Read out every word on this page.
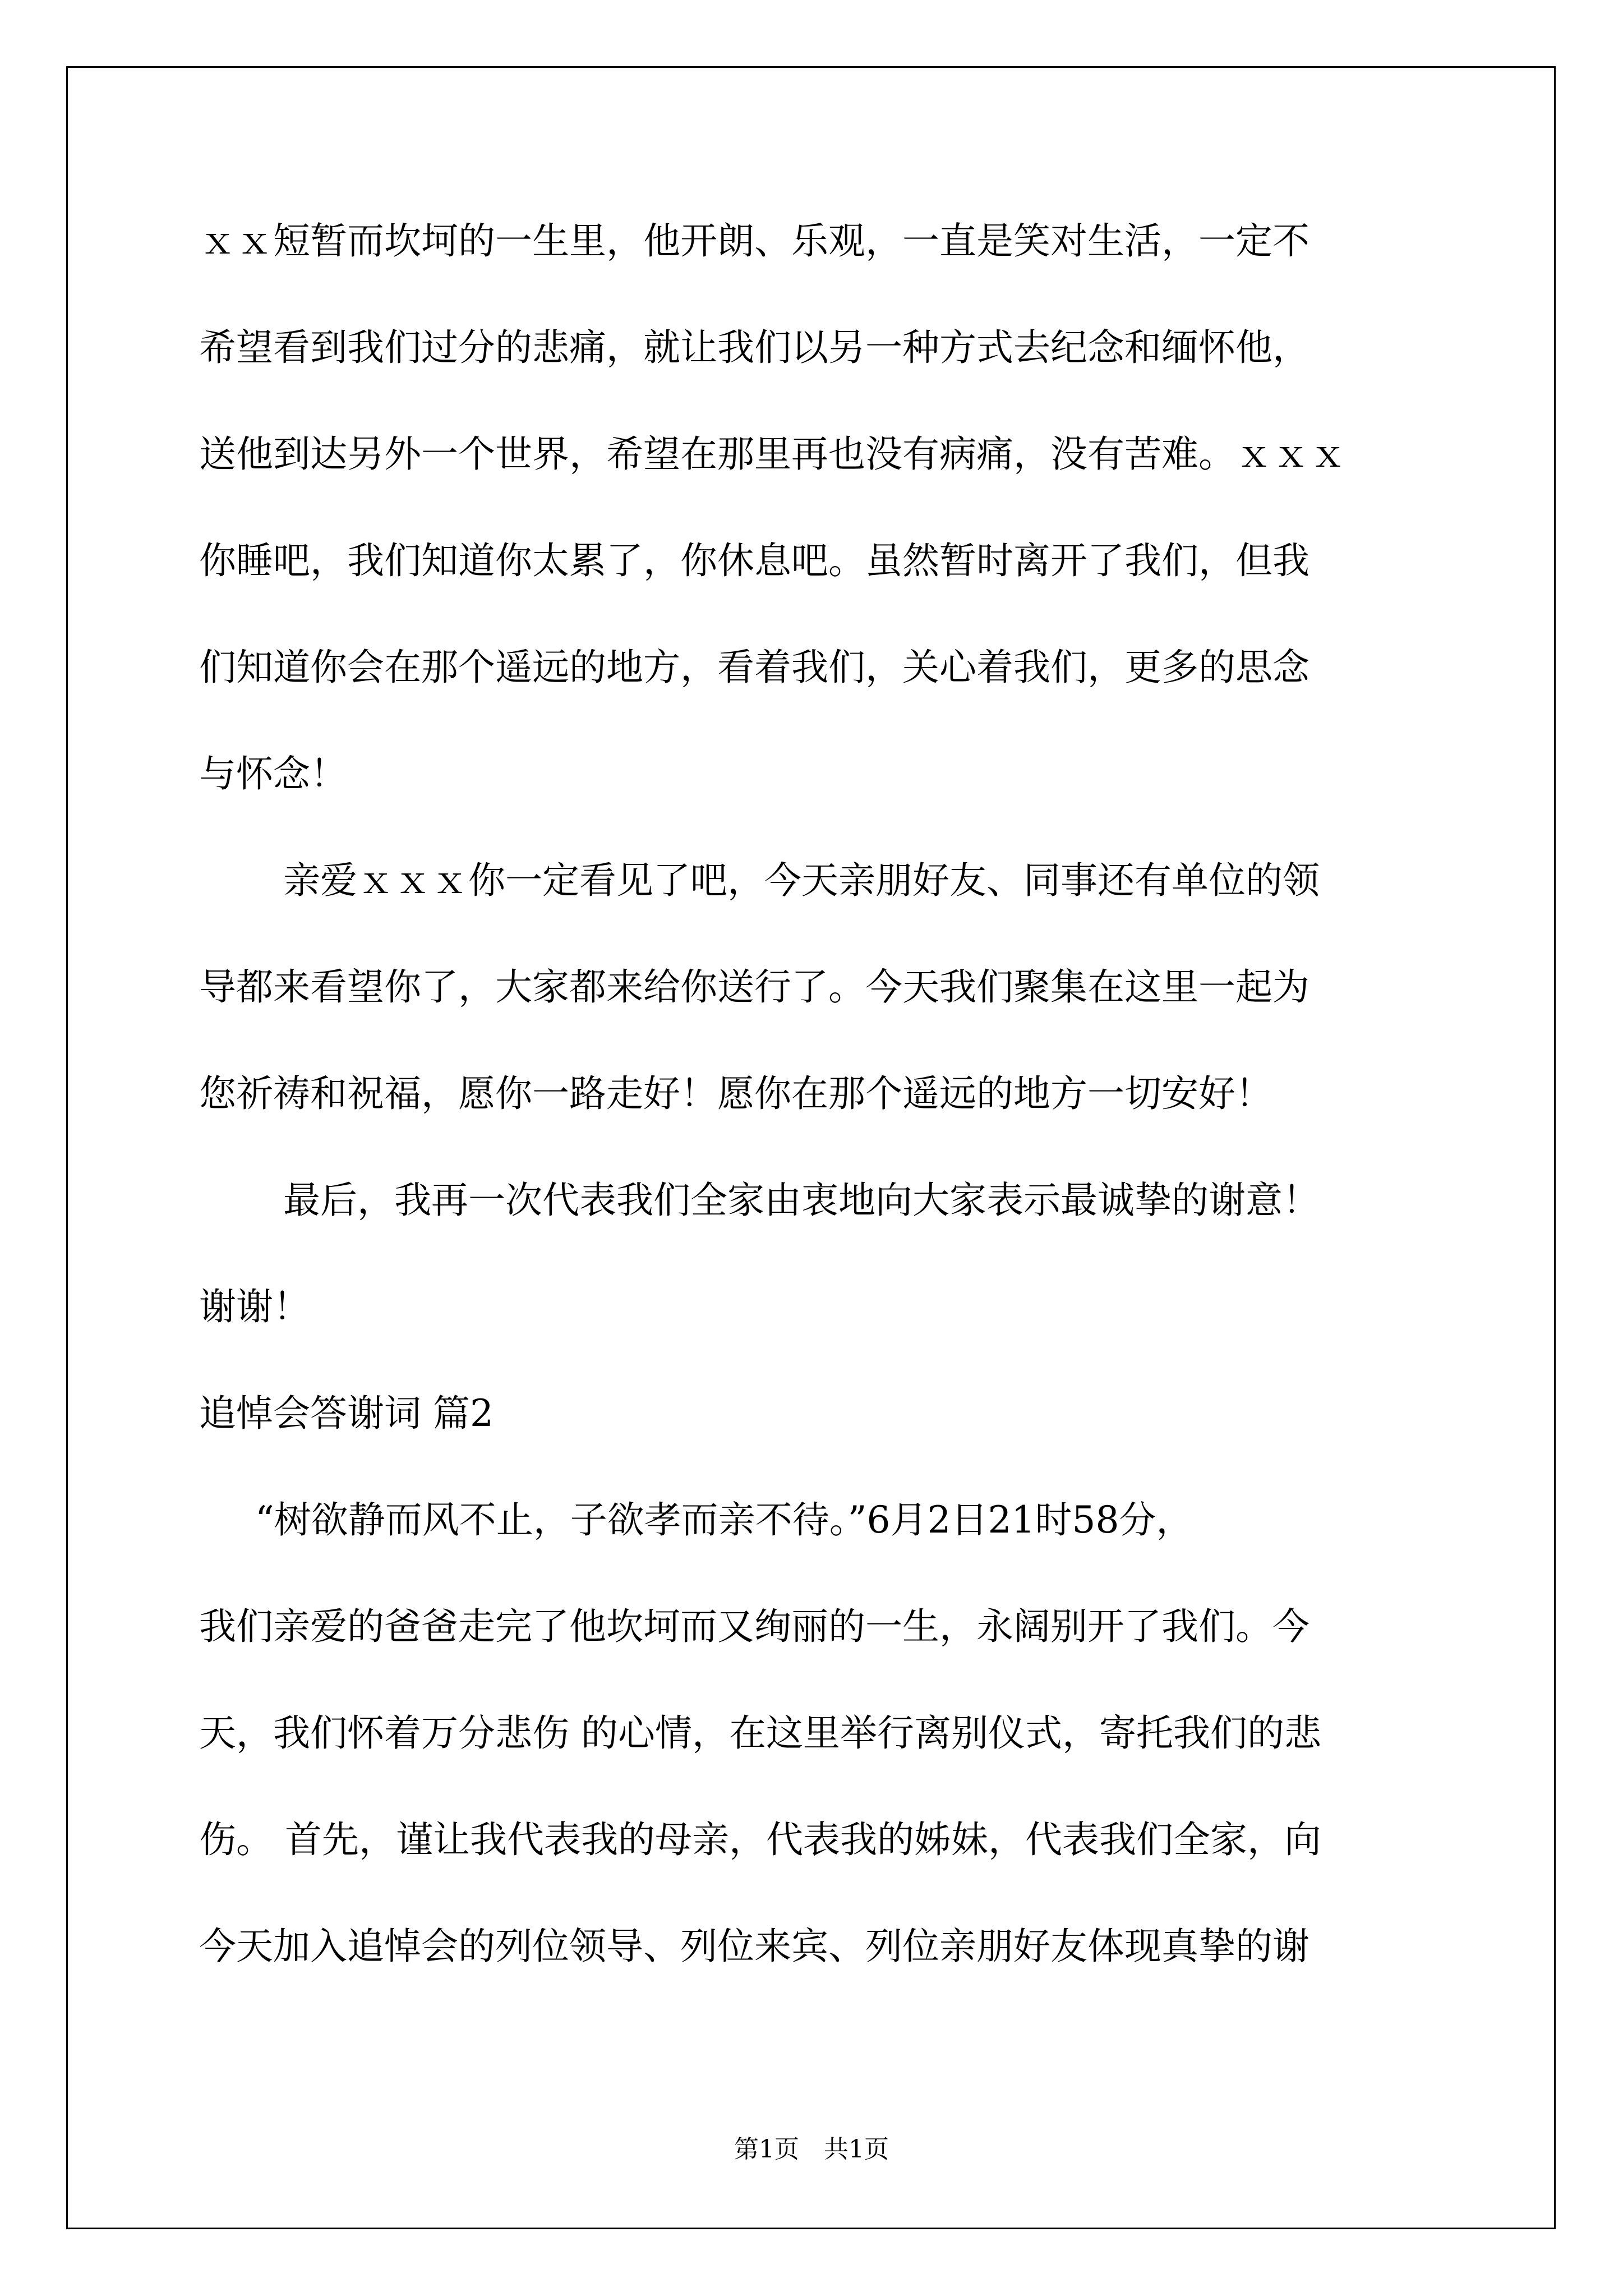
ｘｘ短暂而坎坷的一生里，他开朗、乐观，一直是笑对生活，一定不
希望看到我们过分的悲痛，就让我们以另一种方式去纪念和缅怀他，
送他到达另外一个世界，希望在那里再也没有病痛，没有苦难。ｘｘｘ
你睡吧，我们知道你太累了，你休息吧。虽然暂时离开了我们，但我
们知道你会在那个遥远的地方，看着我们，关心着我们，更多的思念
与怀念！
亲爱ｘｘｘ你一定看见了吧，今天亲朋好友、同事还有单位的领
导都来看望你了，大家都来给你送行了。今天我们聚集在这里一起为
您祈祷和祝福，愿你一路走好！愿你在那个遥远的地方一切安好！
最后，我再一次代表我们全家由衷地向大家表示最诚挚的谢意！
谢谢！
追悼会答谢词 篇2
“树欲静而风不止，子欲孝而亲不待。”6月2日21时58分，
我们亲爱的爸爸走完了他坎坷而又绚丽的一生，永阔别开了我们。今
天，我们怀着万分悲伤 的心情，在这里举行离别仪式，寄托我们的悲
伤。 首先，谨让我代表我的母亲，代表我的姊妹，代表我们全家，向
今天加入追悼会的列位领导、列位来宾、列位亲朋好友体现真挚的谢
第1页　共1页
